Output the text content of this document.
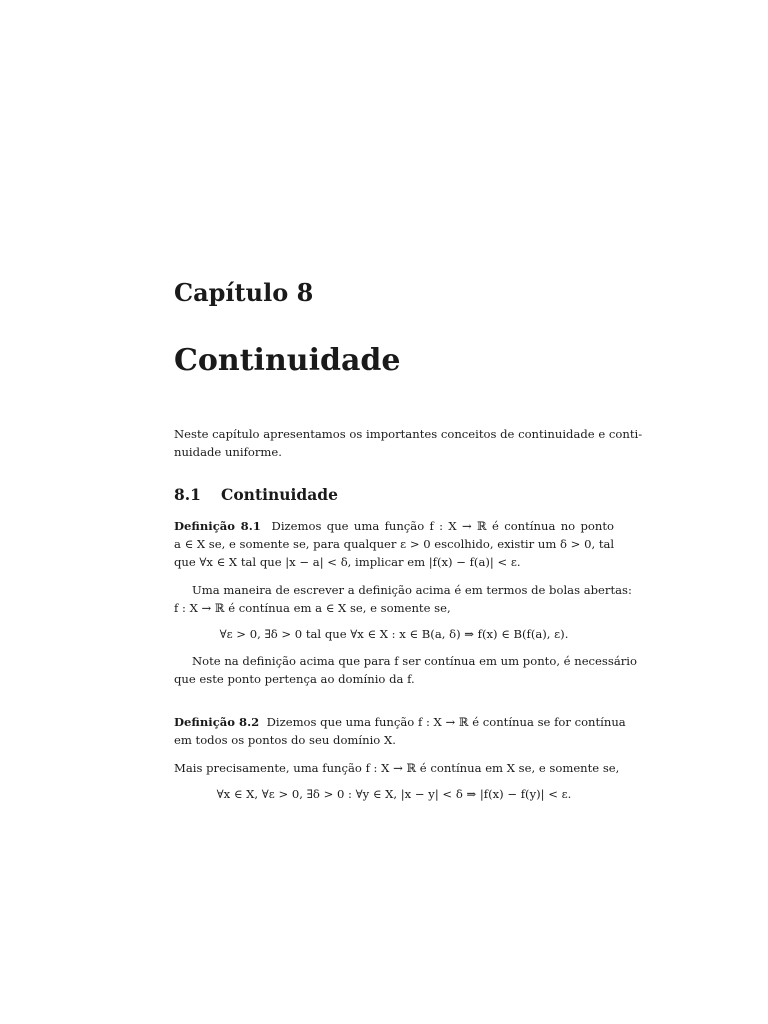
Capítulo 8
Continuidade
Neste capítulo apresentamos os importantes conceitos de continuidade e conti-
nuidade uniforme.
8.1 Continuidade
Definição 8.1 Dizemos que uma função f : X → ℝ é contínua no ponto
a ∈ X se, e somente se, para qualquer ε > 0 escolhido, existir um δ > 0, tal
que ∀x ∈ X tal que |x − a| < δ, implicar em |f(x) − f(a)| < ε.
Uma maneira de escrever a definição acima é em termos de bolas abertas:
f : X → ℝ é contínua em a ∈ X se, e somente se,
∀ε > 0, ∃δ > 0 tal que ∀x ∈ X : x ∈ B(a, δ) ⇒ f(x) ∈ B(f(a), ε).
Note na definição acima que para f ser contínua em um ponto, é necessário
que este ponto pertença ao domínio da f.
Definição 8.2 Dizemos que uma função f : X → ℝ é contínua se for contínua
em todos os pontos do seu domínio X.
Mais precisamente, uma função f : X → ℝ é contínua em X se, e somente se,
∀x ∈ X, ∀ε > 0, ∃δ > 0 : ∀y ∈ X, |x − y| < δ ⇒ |f(x) − f(y)| < ε.
